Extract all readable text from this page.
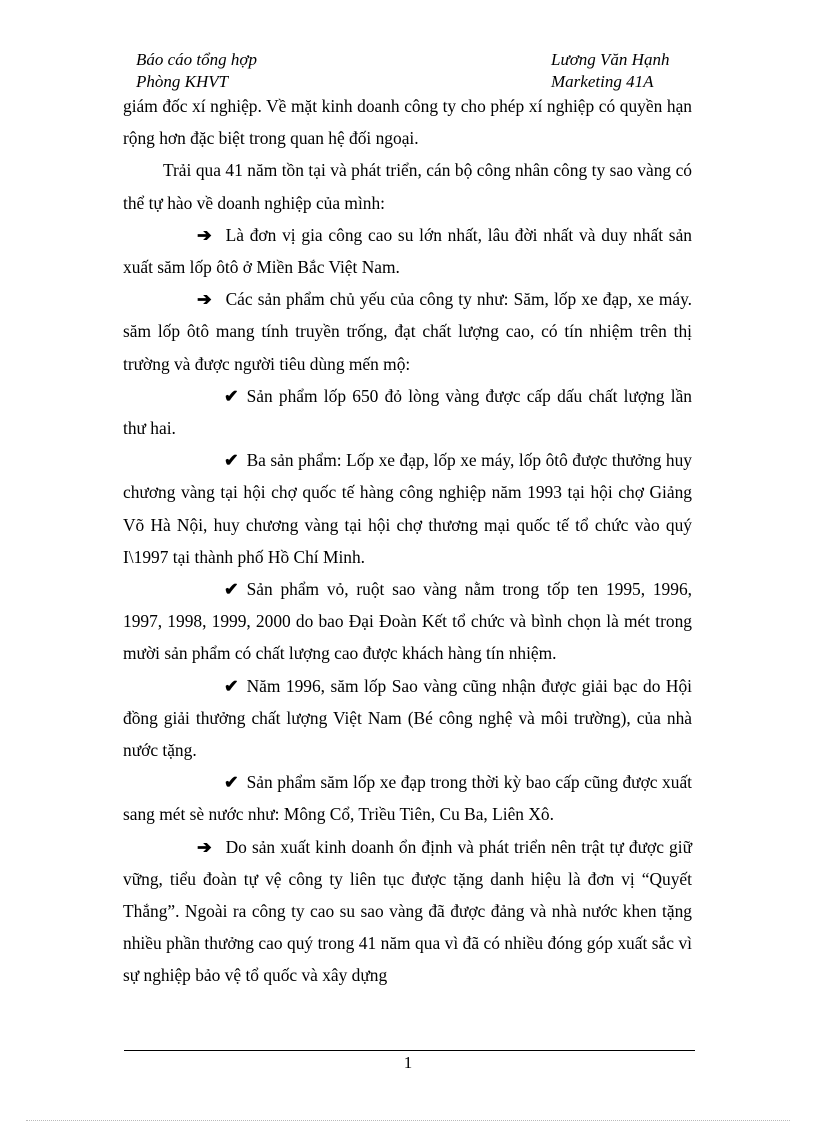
Báo cáo tổng hợp
Phòng KHVT
Lương Văn Hạnh
Marketing 41A

giám đốc xí nghiệp. Về mặt kinh doanh công ty cho phép xí nghiệp có quyền hạn rộng hơn đặc biệt trong quan hệ đối ngoại.

Trải qua 41 năm tồn tại và phát triển, cán bộ công nhân công ty sao vàng có thể tự hào về doanh nghiệp của mình:

➔ Là đơn vị gia công cao su lớn nhất, lâu đời nhất và duy nhất sản xuất săm lốp ôtô ở Miền Bắc Việt Nam.

➔ Các sản phẩm chủ yếu của công ty như: Săm, lốp xe đạp, xe máy. săm lốp ôtô mang tính truyền trống, đạt chất lượng cao, có tín nhiệm trên thị trường và được người tiêu dùng mến mộ:

✔ Sản phẩm lốp 650 đỏ lòng vàng được cấp dấu chất lượng lần thư hai.

✔ Ba sản phẩm: Lốp xe đạp, lốp xe máy, lốp ôtô được thưởng huy chương vàng tại hội chợ quốc tế hàng công nghiệp năm 1993 tại hội chợ Giảng Võ Hà Nội, huy chương vàng tại hội chợ thương mại quốc tế tổ chức vào quý I\1997 tại thành phố Hồ Chí Minh.

✔ Sản phẩm vỏ, ruột sao vàng nằm trong tốp ten 1995, 1996, 1997, 1998, 1999, 2000 do bao Đại Đoàn Kết tổ chức và bình chọn là mét trong mười sản phẩm có chất lượng cao được khách hàng tín nhiệm.

✔ Năm 1996, săm lốp Sao vàng cũng nhận được giải bạc do Hội đồng giải thưởng chất lượng Việt Nam (Bé công nghệ và môi trường), của nhà nước tặng.

✔ Sản phẩm săm lốp xe đạp trong thời kỳ bao cấp cũng được xuất sang mét sè nước như: Mông Cổ, Triều Tiên, Cu Ba, Liên Xô.

➔ Do sản xuất kinh doanh ổn định và phát triển nên trật tự được giữ vững, tiểu đoàn tự vệ công ty liên tục được tặng danh hiệu là đơn vị “Quyết Thắng”. Ngoài ra công ty cao su sao vàng đã được đảng và nhà nước khen tặng nhiều phần thưởng cao quý trong 41 năm qua vì đã có nhiều đóng góp xuất sắc vì sự nghiệp bảo vệ tổ quốc và xây dựng

1
